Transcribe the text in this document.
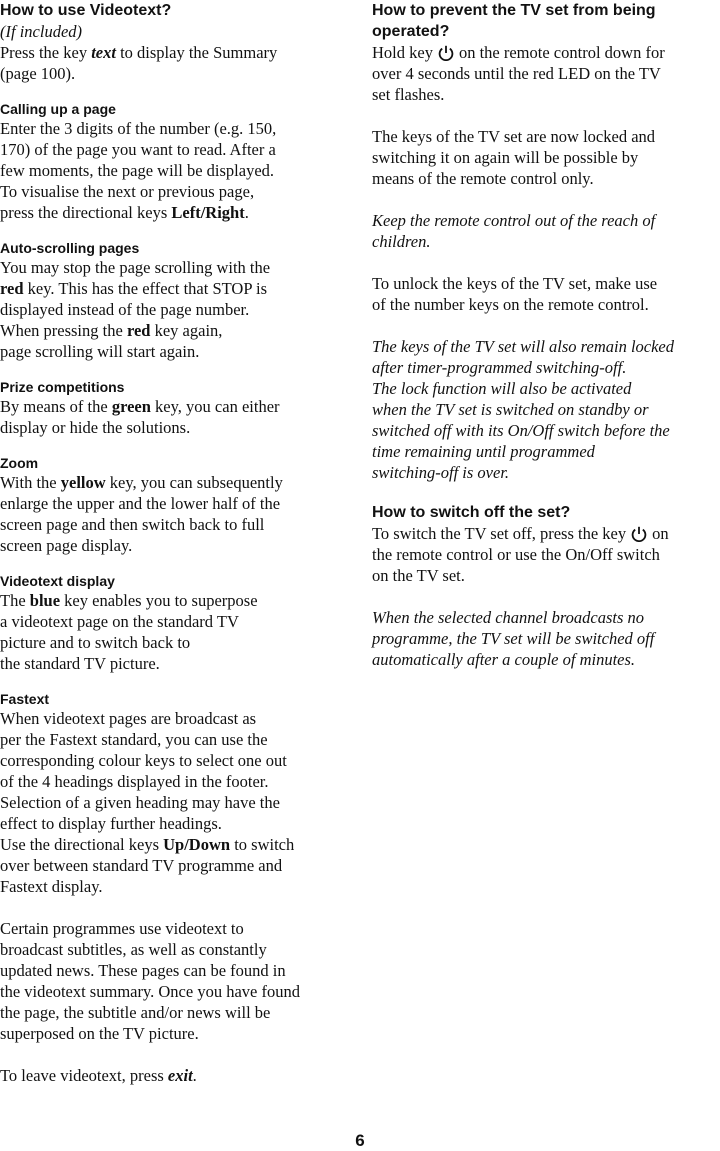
How to use Videotext?
(If included)
Press the key text to display the Summary
(page 100).
Calling up a page
Enter the 3 digits of the number (e.g. 150,
170) of the page you want to read. After a
few moments, the page will be displayed.
To visualise the next or previous page,
press the directional keys Left/Right.
Auto-scrolling pages
You may stop the page scrolling with the
red key. This has the effect that STOP is
displayed instead of the page number.
When pressing the red key again,
page scrolling will start again.
Prize competitions
By means of the green key, you can either
display or hide the solutions.
Zoom
With the yellow key, you can subsequently
enlarge the upper and the lower half of the
screen page and then switch back to full
screen page display.
Videotext display
The blue key enables you to superpose
a videotext page on the standard TV
picture and to switch back to
the standard TV picture.
Fastext
When videotext pages are broadcast as
per the Fastext standard, you can use the
corresponding colour keys to select one out
of the 4 headings displayed in the footer.
Selection of a given heading may have the
effect to display further headings.
Use the directional keys Up/Down to switch
over between standard TV programme and
Fastext display.
Certain programmes use videotext to
broadcast subtitles, as well as constantly
updated news. These pages can be found in
the videotext summary. Once you have found
the page, the subtitle and/or news will be
superposed on the TV picture.
To leave videotext, press exit.
How to prevent the TV set from being
operated?
Hold key on the remote control down for
over 4 seconds until the red LED on the TV
set flashes.
The keys of the TV set are now locked and
switching it on again will be possible by
means of the remote control only.
Keep the remote control out of the reach of
children.
To unlock the keys of the TV set, make use
of the number keys on the remote control.
The keys of the TV set will also remain locked
after timer-programmed switching-off.
The lock function will also be activated
when the TV set is switched on standby or
switched off with its On/Off switch before the
time remaining until programmed
switching-off is over.
How to switch off the set?
To switch the TV set off, press the key on
the remote control or use the On/Off switch
on the TV set.
When the selected channel broadcasts no
programme, the TV set will be switched off
automatically after a couple of minutes.
6
